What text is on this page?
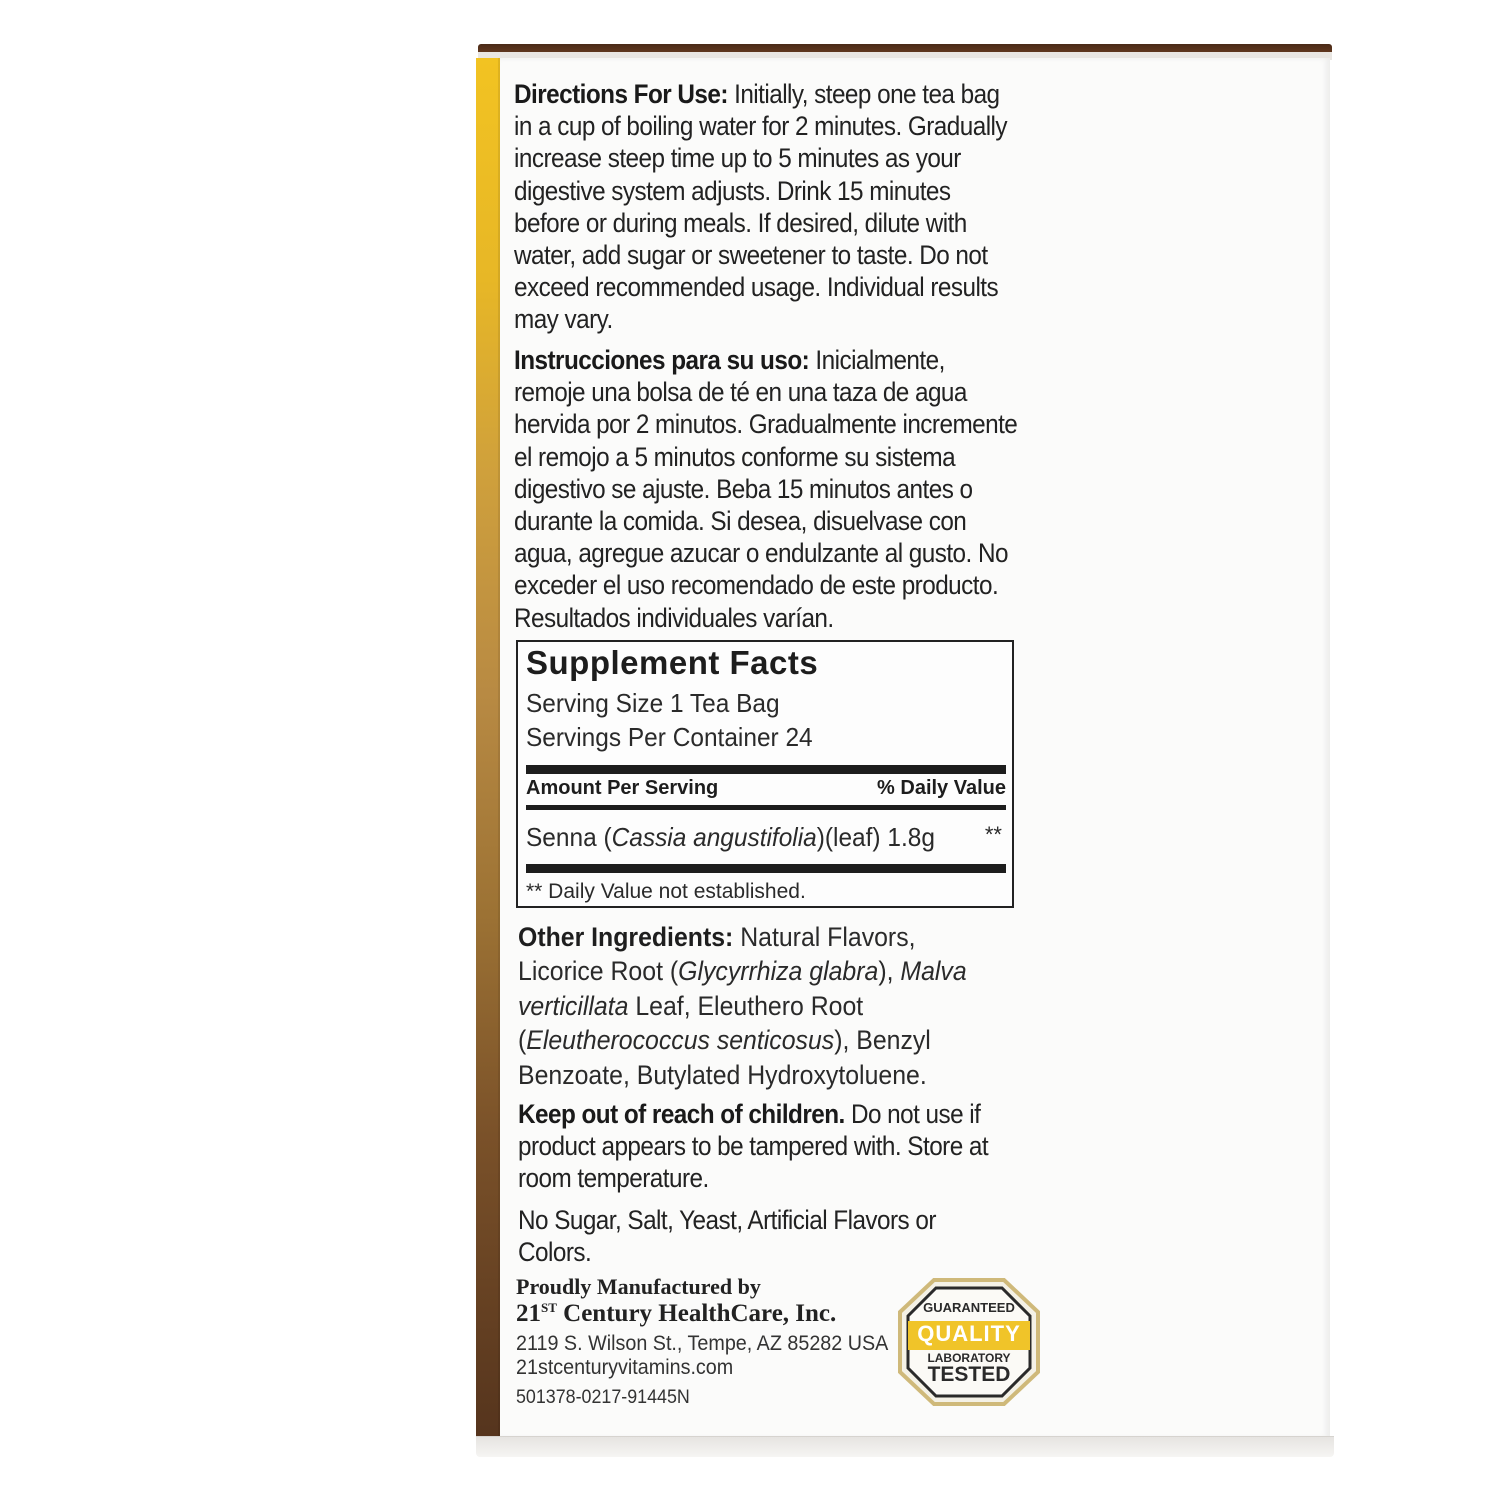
Directions For Use: Initially, steep one tea bag in a cup of boiling water for 2 minutes. Gradually increase steep time up to 5 minutes as your digestive system adjusts. Drink 15 minutes before or during meals. If desired, dilute with water, add sugar or sweetener to taste. Do not exceed recommended usage. Individual results may vary.

Instrucciones para su uso: Inicialmente, remoje una bolsa de té en una taza de agua hervida por 2 minutos. Gradualmente incremente el remojo a 5 minutos conforme su sistema digestivo se ajuste. Beba 15 minutos antes o durante la comida. Si desea, disuelvase con agua, agregue azucar o endulzante al gusto. No exceder el uso recomendado de este producto. Resultados individuales varían.

Supplement Facts
Serving Size 1 Tea Bag
Servings Per Container 24
Amount Per Serving	% Daily Value
Senna (Cassia angustifolia)(leaf) 1.8g **
** Daily Value not established.

Other Ingredients: Natural Flavors, Licorice Root (Glycyrrhiza glabra), Malva verticillata Leaf, Eleuthero Root (Eleutherococcus senticosus), Benzyl Benzoate, Butylated Hydroxytoluene.

Keep out of reach of children. Do not use if product appears to be tampered with. Store at room temperature.

No Sugar, Salt, Yeast, Artificial Flavors or Colors.

Proudly Manufactured by
21ST Century HealthCare, Inc.
2119 S. Wilson St., Tempe, AZ 85282 USA
21stcenturyvitamins.com
501378-0217-91445N
GUARANTEED
QUALITY
LABORATORY
TESTED
